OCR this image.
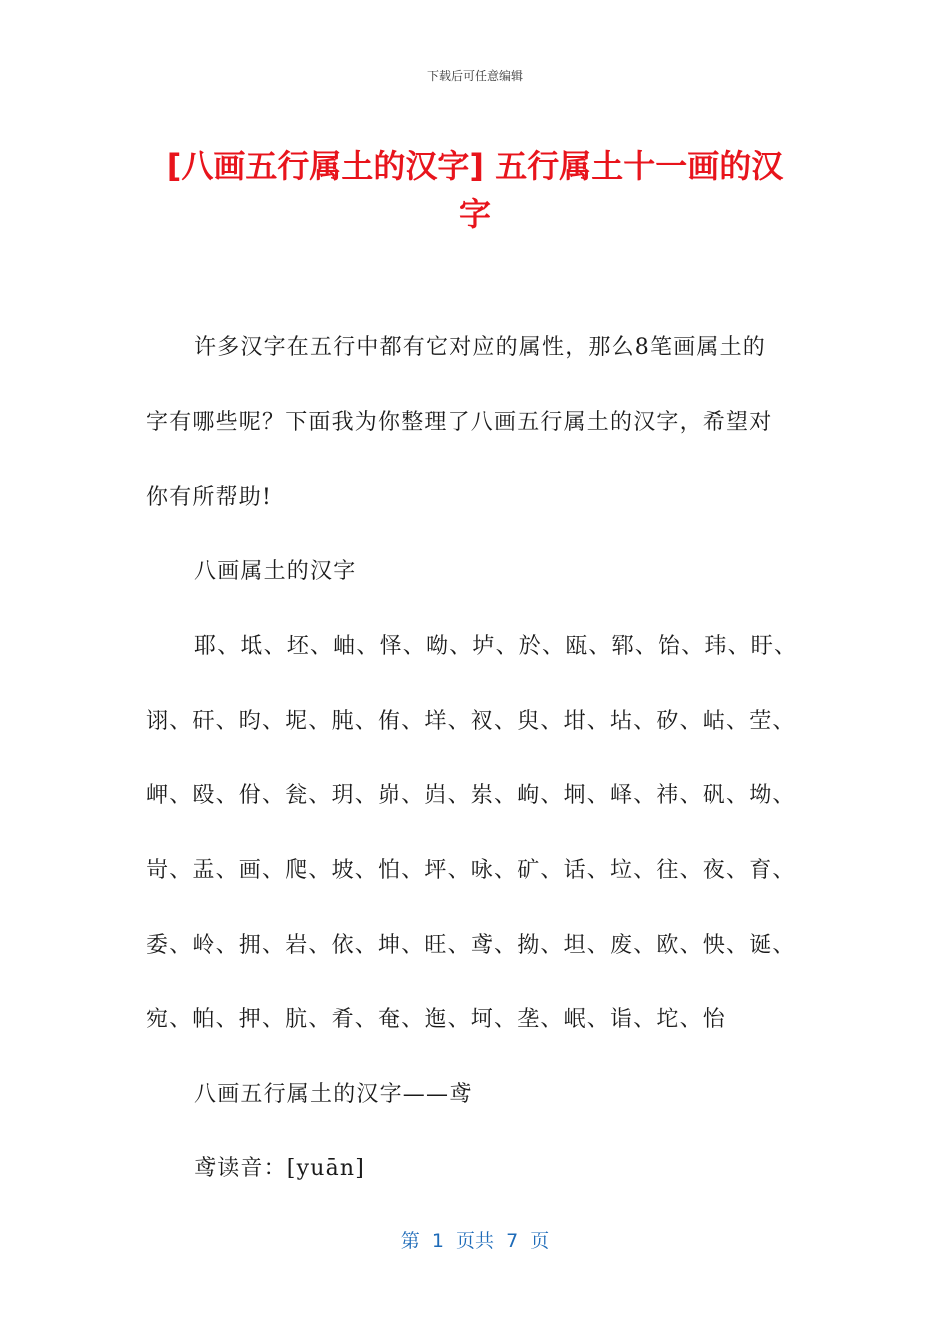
下载后可任意编辑
[八画五行属土的汉字] 五行属土十一画的汉
字
许多汉字在五行中都有它对应的属性，那么8笔画属土的
字有哪些呢？下面我为你整理了八画五行属土的汉字，希望对
你有所帮助!
八画属土的汉字
耶、坻、坯、岫、怿、呦、垆、於、瓯、郓、饴、玮、盱、
诩、矸、昀、坭、肫、侑、垟、衩、臾、坩、坫、矽、岵、茔、
岬、殴、佾、瓮、玥、峁、岿、岽、岣、坰、峄、祎、矾、坳、
岢、盂、画、爬、坡、怕、坪、咏、矿、话、垃、往、夜、育、
委、岭、拥、岩、依、坤、旺、鸢、拗、坦、废、欧、怏、诞、
宛、帕、押、肮、肴、奄、迤、坷、垄、岷、诣、坨、怡
八画五行属土的汉字——鸢
鸢读音：[yuān]
第  1  页共  7  页
